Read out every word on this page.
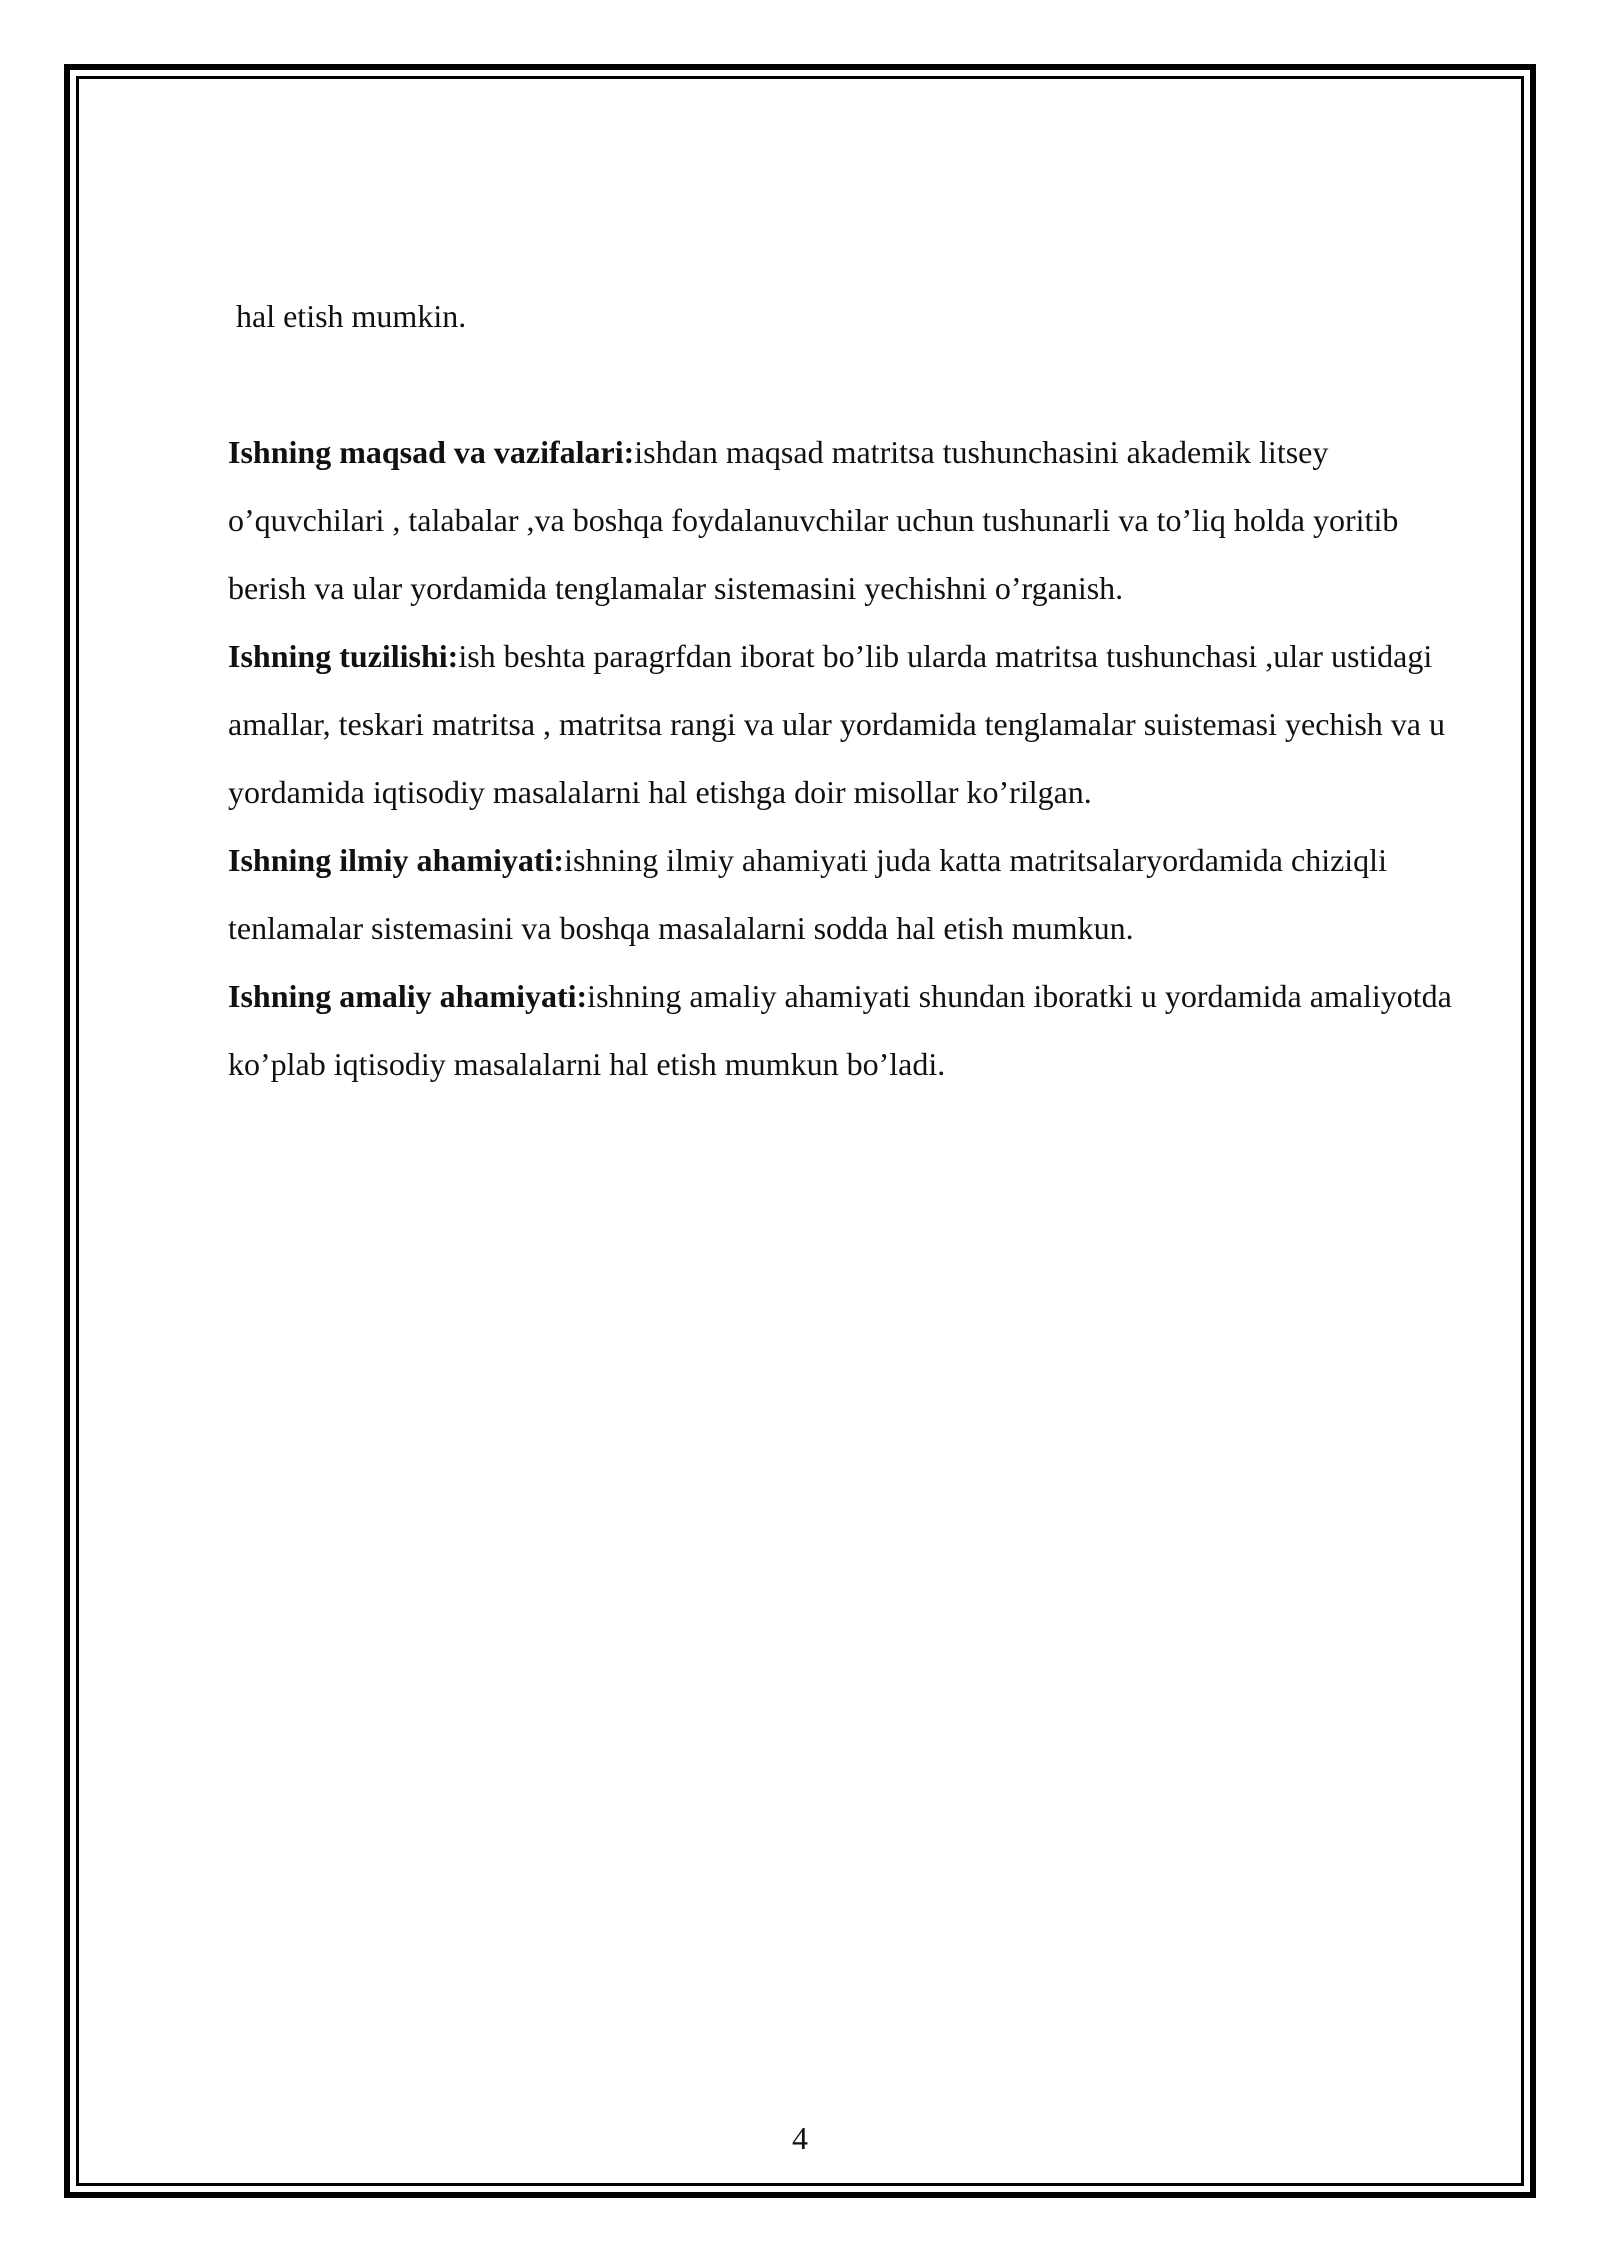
hal etish mumkin.

Ishning maqsad va vazifalari:ishdan maqsad matritsa tushunchasini akademik litsey o’quvchilari , talabalar ,va boshqa foydalanuvchilar uchun tushunarli va to’liq holda yoritib berish va ular yordamida tenglamalar sistemasini yechishni o’rganish.

Ishning tuzilishi:ish beshta paragrfdan iborat bo’lib ularda matritsa tushunchasi ,ular ustidagi amallar, teskari matritsa , matritsa rangi va ular yordamida tenglamalar suistemasi yechish va u yordamida iqtisodiy masalalarni hal etishga doir misollar ko’rilgan.

Ishning ilmiy ahamiyati:ishning ilmiy ahamiyati juda katta matritsalaryordamida chiziqli tenlamalar sistemasini va boshqa masalalarni sodda hal etish mumkun.

Ishning amaliy ahamiyati:ishning amaliy ahamiyati shundan iboratki u yordamida amaliyotda ko’plab iqtisodiy masalalarni hal etish mumkun bo’ladi.

4
